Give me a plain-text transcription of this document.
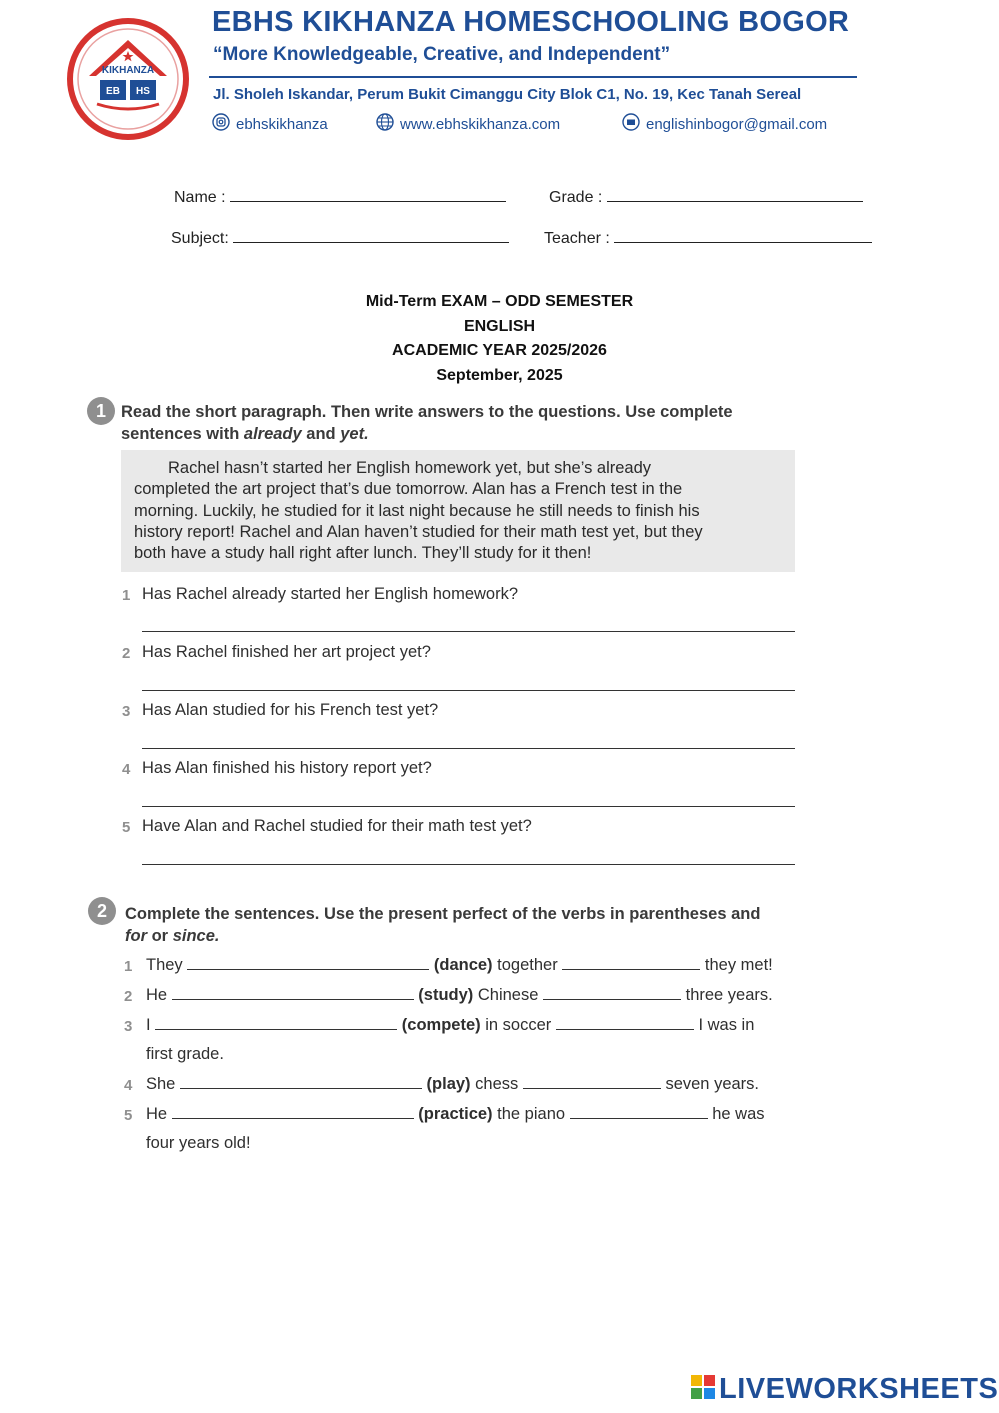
KIKHANZA
EB HS
EBHS KIKHANZA HOMESCHOOLING BOGOR
“More Knowledgeable, Creative, and Independent”
Jl. Sholeh Iskandar, Perum Bukit Cimanggu City Blok C1, No. 19, Kec Tanah Sereal
ebhskikhanza	www.ebhskikhanza.com	englishinbogor@gmail.com
Name :	Grade :
Subject:	Teacher :
Mid-Term EXAM – ODD SEMESTER
ENGLISH
ACADEMIC YEAR 2025/2026
September, 2025
1 Read the short paragraph. Then write answers to the questions. Use complete
sentences with already and yet.
Rachel hasn’t started her English homework yet, but she’s already
completed the art project that’s due tomorrow. Alan has a French test in the
morning. Luckily, he studied for it last night because he still needs to finish his
history report! Rachel and Alan haven’t studied for their math test yet, but they
both have a study hall right after lunch. They’ll study for it then!
1 Has Rachel already started her English homework?
2 Has Rachel finished her art project yet?
3 Has Alan studied for his French test yet?
4 Has Alan finished his history report yet?
5 Have Alan and Rachel studied for their math test yet?
2	Complete the sentences. Use the present perfect of the verbs in parentheses and
for or since.
1 They	(dance) together	they met!
2 He	(study) Chinese	three years.
3 I	(compete) in soccer	I was in
first grade.
4 She	(play) chess	seven years.
5 He	(practice) the piano	he was
four years old!
LIVEWORKSHEETS
